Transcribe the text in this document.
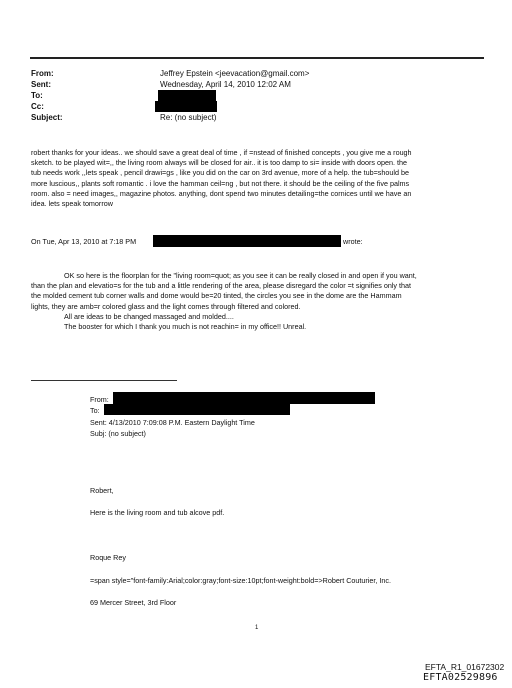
From:	Jeffrey Epstein <jeevacation@gmail.com>
Sent:	Wednesday, April 14, 2010 12:02 AM
To:
Cc:
Subject:	Re: (no subject)

robert thanks for your ideas.. we should save a great deal of time , if =nstead of finished concepts , you give me a rough

sketch. to be played wit=,, the living room always will be closed for air.. it is too damp to si= inside with doors open. the

tub needs work ,,lets speak , pencil drawi=gs , like you did on the car on 3rd avenue, more of a help. the tub=should be

more luscious,, plants soft romantic . i love the hamman ceil=ng , but not there. it should be the ceiling of the five palms

room. also = need images,, magazine photos. anything, dont spend two minutes detailing=the cornices until we have an

idea. lets speak tomorrow

On Tue, Apr 13, 2010 at 7:18 PM	wrote:
OK so here is the floorplan for the "living room=quot; as you see it can be really closed in and open if you want,
than the plan and elevatio=s for the tub and a little rendering of the area, please disregard the color =t signifies only that
the molded cement tub corner walls and dome would be=20 tinted, the circles you see in the dome are the Hammam
lights, they are amb=r colored glass and the light comes through filtered and colored.
All are ideas to be changed massaged and molded....
The booster for which I thank you much is not reachin= in my office!! Unreal.
From:
To:
Sent: 4/13/2010 7:09:08 P.M. Eastern Daylight Time
Subj: (no subject)
Robert,
Here is the living room and tub alcove pdf.
Roque Rey
=span style="font-family:Arial;color:gray;font-size:10pt;font-weight:bold=>Robert Couturier, Inc.
69 Mercer Street, 3rd Floor
1
EFTA_R1_01672302
EFTA02529896
